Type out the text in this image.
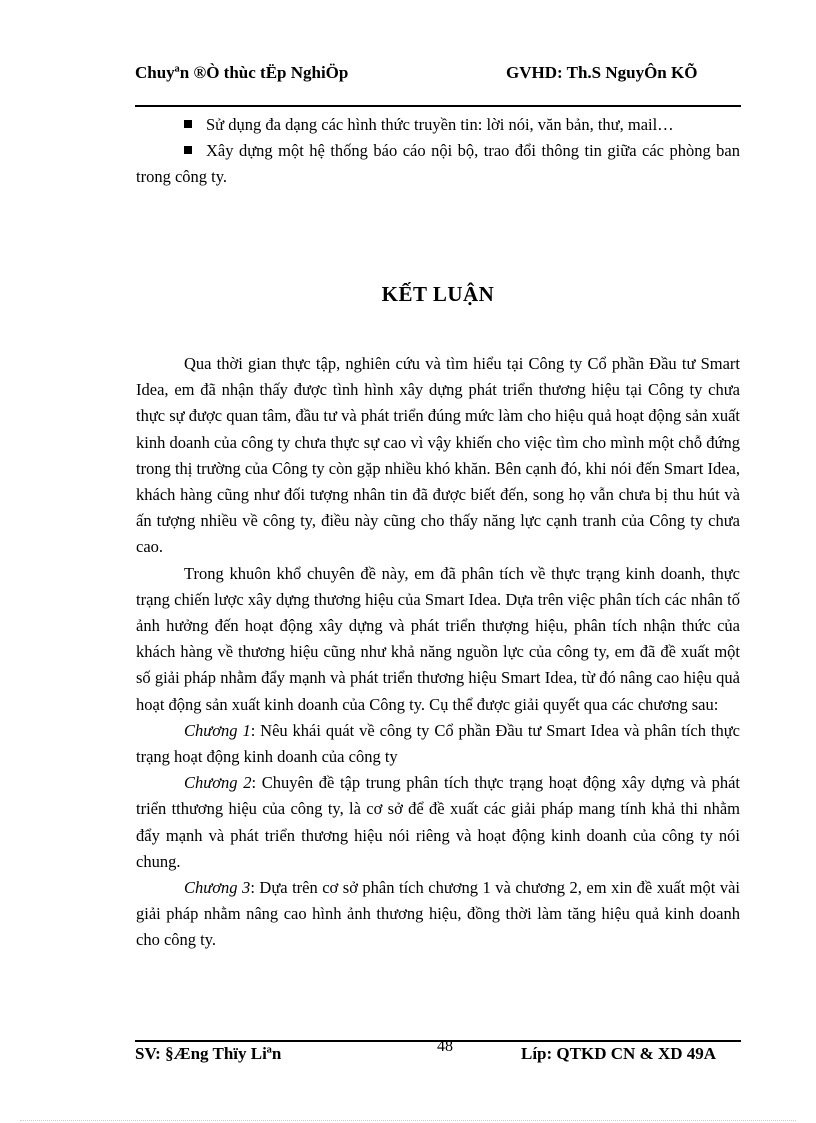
Chuyªn ®Ò thùc tËp NghiÖp	GVHD: Th.S NguyÔn KÕ

Sử dụng đa dạng các hình thức truyền tin: lời nói, văn bản, thư, mail…

Xây dựng một hệ thống báo cáo nội bộ, trao đổi thông tin giữa các phòng ban trong công ty.

KẾT LUẬN

Qua thời gian thực tập, nghiên cứu và tìm hiểu tại Công ty Cổ phần Đầu tư Smart Idea, em đã nhận thấy được tình hình xây dựng phát triển thương hiệu tại Công ty chưa thực sự được quan tâm, đầu tư và phát triển đúng mức làm cho hiệu quả hoạt động sản xuất kinh doanh của công ty chưa thực sự cao vì vậy khiến cho việc tìm cho mình một chỗ đứng trong thị trường của Công ty còn gặp nhiều khó khăn. Bên cạnh đó, khi nói đến Smart Idea, khách hàng cũng như đối tượng nhân tin đã được biết đến, song họ vẫn chưa bị thu hút và ấn tượng nhiều về công ty, điều này cũng cho thấy năng lực cạnh tranh của Công ty chưa cao.

Trong khuôn khổ chuyên đề này, em đã phân tích về thực trạng kinh doanh, thực trạng chiến lược xây dựng thương hiệu của Smart Idea. Dựa trên việc phân tích các nhân tố ảnh hưởng đến hoạt động xây dựng và phát triển thượng hiệu, phân tích nhận thức của khách hàng về thương hiệu cũng như khả năng nguồn lực của công ty, em đã đề xuất một số giải pháp nhằm đẩy mạnh và phát triển thương hiệu Smart Idea, từ đó nâng cao hiệu quả hoạt động sản xuất kinh doanh của Công ty. Cụ thể được giải quyết qua các chương sau:

Chương 1: Nêu khái quát về công ty Cổ phần Đầu tư Smart Idea và phân tích thực trạng hoạt động kinh doanh của công ty

Chương 2: Chuyên đề tập trung phân tích thực trạng hoạt động xây dựng và phát triển tthương hiệu của công ty, là cơ sở để đề xuất các giải pháp mang tính khả thi nhằm đẩy mạnh và phát triển thương hiệu nói riêng và hoạt động kinh doanh của công ty nói chung.

Chương 3: Dựa trên cơ sở phân tích chương 1 và chương 2, em xin đề xuất một vài giải pháp nhằm nâng cao hình ảnh thương hiệu, đồng thời làm tăng hiệu quả kinh doanh cho công ty.

SV: §Æng Thïy Liªn	48	Líp: QTKD CN & XD 49A
